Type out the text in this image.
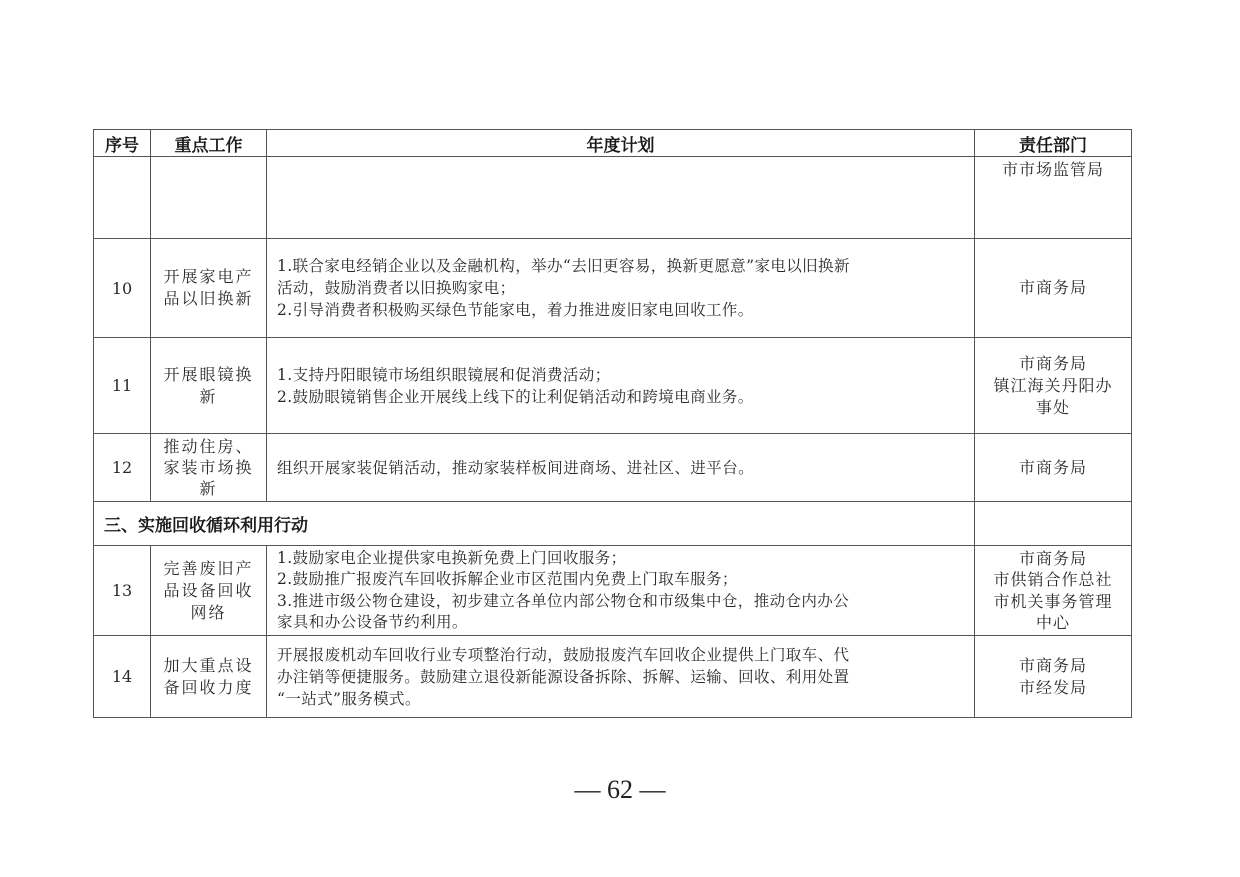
序号	重点工作	年度计划	责任部门

			市市场监管局

10	开展家电产
品以旧换新	1.联合家电经销企业以及金融机构，举办“去旧更容易，换新更愿意”家电以旧换新
活动，鼓励消费者以旧换购家电；
2.引导消费者积极购买绿色节能家电，着力推进废旧家电回收工作。	市商务局

11	开展眼镜换
新	1.支持丹阳眼镜市场组织眼镜展和促消费活动；
2.鼓励眼镜销售企业开展线上线下的让利促销活动和跨境电商业务。	市商务局
镇江海关丹阳办
事处

12	推动住房、
家装市场换
新	组织开展家装促销活动，推动家装样板间进商场、进社区、进平台。	市商务局

三、实施回收循环利用行动			
13	完善废旧产
品设备回收
网络	1.鼓励家电企业提供家电换新免费上门回收服务；
2.鼓励推广报废汽车回收拆解企业市区范围内免费上门取车服务；
3.推进市级公物仓建设，初步建立各单位内部公物仓和市级集中仓，推动仓内办公
家具和办公设备节约利用。	市商务局
市供销合作总社
市机关事务管理
中心

14	加大重点设
备回收力度	开展报废机动车回收行业专项整治行动，鼓励报废汽车回收企业提供上门取车、代
办注销等便捷服务。鼓励建立退役新能源设备拆除、拆解、运输、回收、利用处置
“一站式”服务模式。	市商务局
市经发局
— 62 —
